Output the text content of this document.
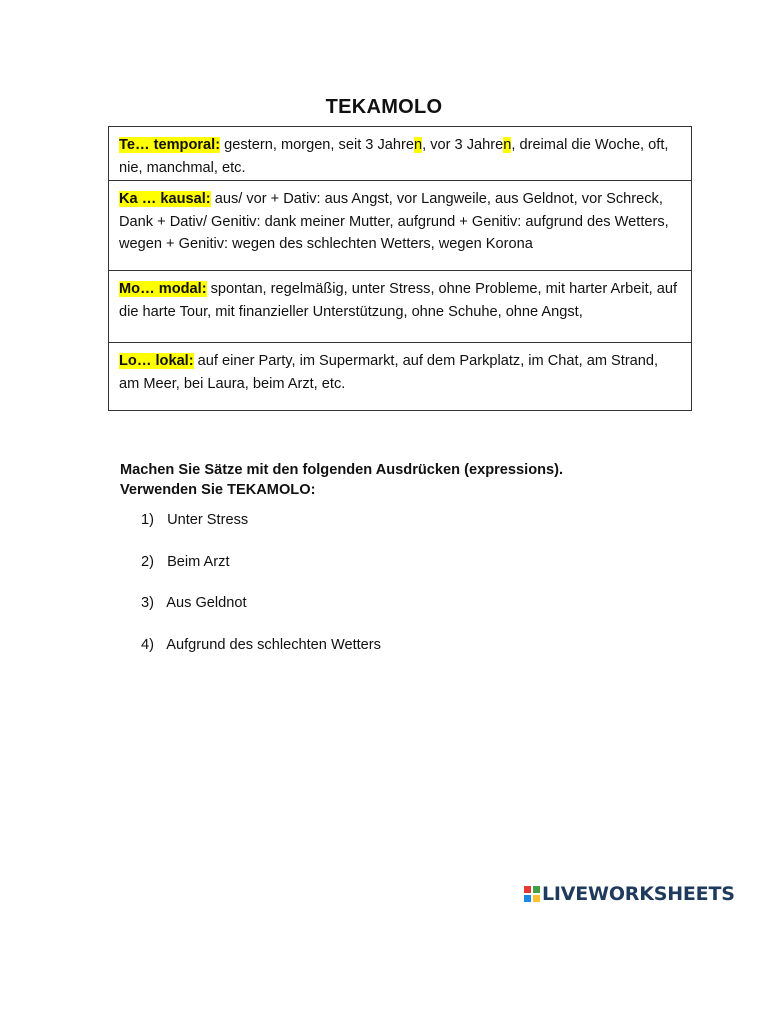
TEKAMOLO
Te… temporal: gestern, morgen, seit 3 Jahren, vor 3 Jahren, dreimal die Woche, oft, nie, manchmal, etc.
Ka … kausal: aus/ vor + Dativ: aus Angst, vor Langweile, aus Geldnot, vor Schreck, Dank + Dativ/ Genitiv: dank meiner Mutter, aufgrund + Genitiv: aufgrund des Wetters, wegen + Genitiv: wegen des schlechten Wetters, wegen Korona
Mo… modal: spontan, regelmäßig, unter Stress, ohne Probleme, mit harter Arbeit, auf die harte Tour, mit finanzieller Unterstützung, ohne Schuhe, ohne Angst,
Lo… lokal: auf einer Party, im Supermarkt, auf dem Parkplatz, im Chat, am Strand, am Meer, bei Laura, beim Arzt, etc.
Machen Sie Sätze mit den folgenden Ausdrücken (expressions).
Verwenden Sie TEKAMOLO:
1) Unter Stress
2) Beim Arzt
3) Aus Geldnot
4) Aufgrund des schlechten Wetters
LIVEWORKSHEETS
